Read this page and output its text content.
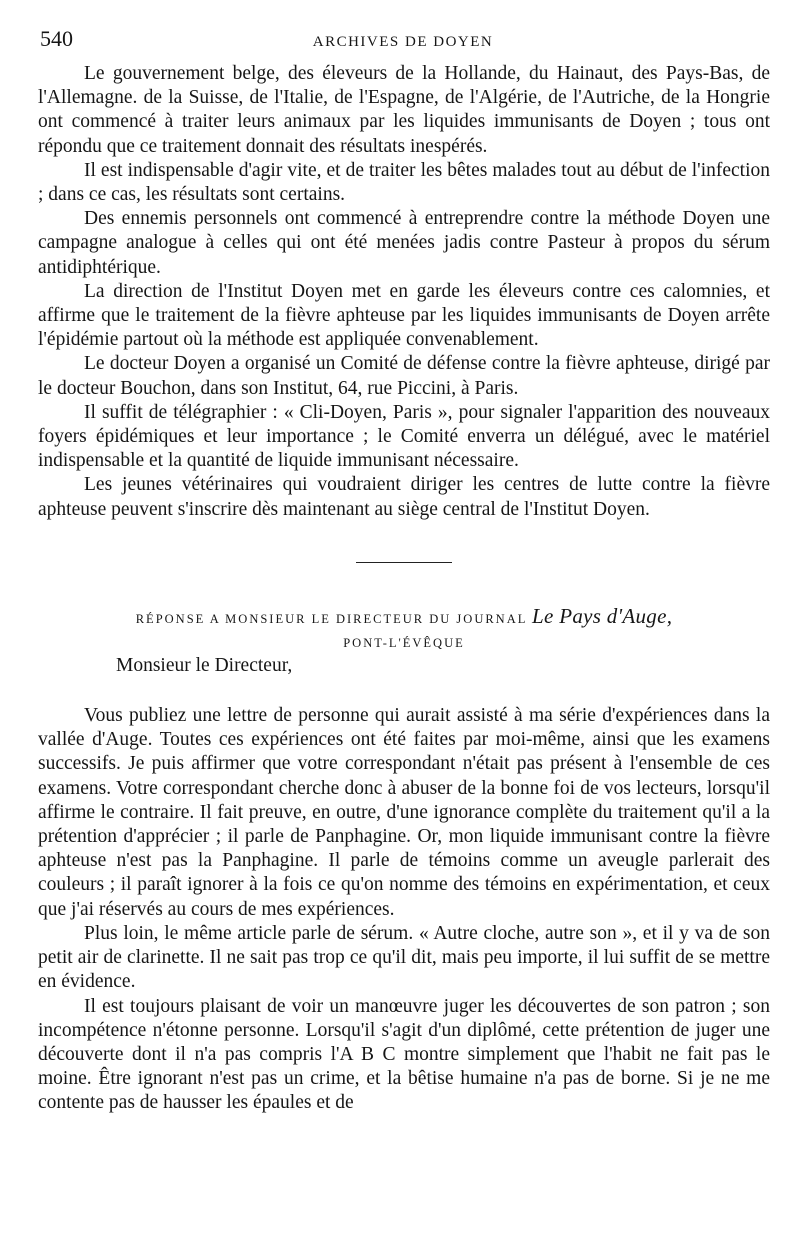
540	ARCHIVES DE DOYEN

Le gouvernement belge, des éleveurs de la Hollande, du Hainaut, des Pays-Bas, de l'Allemagne. de la Suisse, de l'Italie, de l'Espagne, de l'Algérie, de l'Autriche, de la Hongrie ont commencé à traiter leurs animaux par les liquides immunisants de Doyen ; tous ont répondu que ce traitement donnait des résultats inespérés.

Il est indispensable d'agir vite, et de traiter les bêtes malades tout au début de l'infection ; dans ce cas, les résultats sont certains.

Des ennemis personnels ont commencé à entreprendre contre la méthode Doyen une campagne analogue à celles qui ont été menées jadis contre Pasteur à propos du sérum antidiphtérique.

La direction de l'Institut Doyen met en garde les éleveurs contre ces calomnies, et affirme que le traitement de la fièvre aphteuse par les liquides immunisants de Doyen arrête l'épidémie partout où la méthode est appliquée convenablement.

Le docteur Doyen a organisé un Comité de défense contre la fièvre aphteuse, dirigé par le docteur Bouchon, dans son Institut, 64, rue Piccini, à Paris.

Il suffit de télégraphier : « Cli-Doyen, Paris », pour signaler l'apparition des nouveaux foyers épidémiques et leur importance ; le Comité enverra un délégué, avec le matériel indispensable et la quantité de liquide immunisant nécessaire.

Les jeunes vétérinaires qui voudraient diriger les centres de lutte contre la fièvre aphteuse peuvent s'inscrire dès maintenant au siège central de l'Institut Doyen.

RÉPONSE A MONSIEUR LE DIRECTEUR DU JOURNAL Le Pays d'Auge,
PONT-L'ÉVÊQUE

Monsieur le Directeur,

Vous publiez une lettre de personne qui aurait assisté à ma série d'expériences dans la vallée d'Auge. Toutes ces expériences ont été faites par moi-même, ainsi que les examens successifs. Je puis affirmer que votre correspondant n'était pas présent à l'ensemble de ces examens. Votre correspondant cherche donc à abuser de la bonne foi de vos lecteurs, lorsqu'il affirme le contraire. Il fait preuve, en outre, d'une ignorance complète du traitement qu'il a la prétention d'apprécier ; il parle de Panphagine. Or, mon liquide immunisant contre la fièvre aphteuse n'est pas la Panphagine. Il parle de témoins comme un aveugle parlerait des couleurs ; il paraît ignorer à la fois ce qu'on nomme des témoins en expérimentation, et ceux que j'ai réservés au cours de mes expériences.

Plus loin, le même article parle de sérum. « Autre cloche, autre son », et il y va de son petit air de clarinette. Il ne sait pas trop ce qu'il dit, mais peu importe, il lui suffit de se mettre en évidence.

Il est toujours plaisant de voir un manœuvre juger les découvertes de son patron ; son incompétence n'étonne personne. Lorsqu'il s'agit d'un diplômé, cette prétention de juger une découverte dont il n'a pas compris l'A B C montre simplement que l'habit ne fait pas le moine. Être ignorant n'est pas un crime, et la bêtise humaine n'a pas de borne. Si je ne me contente pas de hausser les épaules et de
